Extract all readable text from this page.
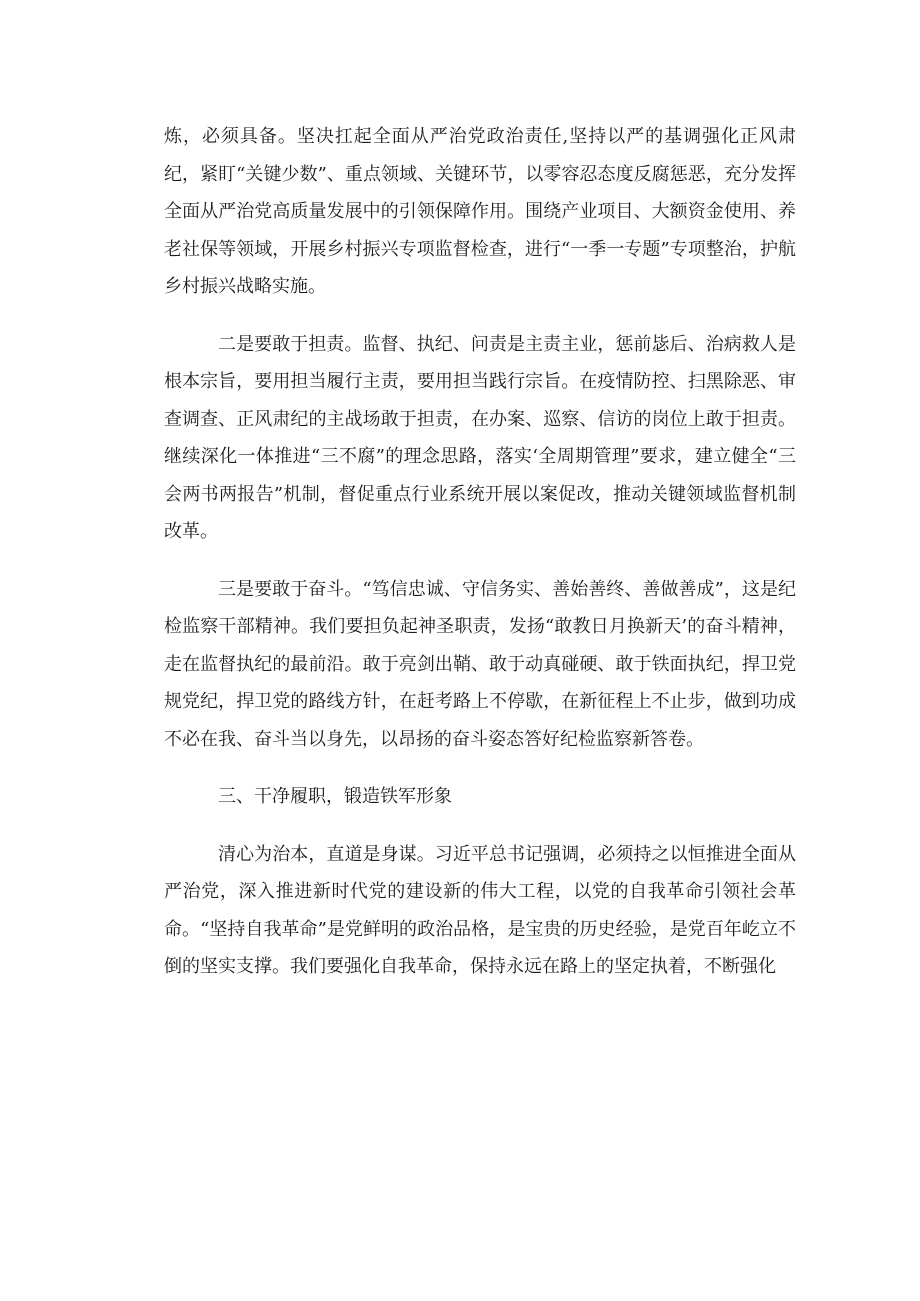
炼，必须具备。坚决扛起全面从严治党政治责任,坚持以严的基调强化正风肃纪，紧盯“关键少数”、重点领域、关键环节，以零容忍态度反腐惩恶，充分发挥全面从严治党高质量发展中的引领保障作用。围绕产业项目、大额资金使用、养老社保等领域，开展乡村振兴专项监督检查，进行“一季一专题”专项整治，护航乡村振兴战略实施。

二是要敢于担责。监督、执纪、问责是主责主业，惩前毖后、治病救人是根本宗旨，要用担当履行主责，要用担当践行宗旨。在疫情防控、扫黑除恶、审查调查、正风肃纪的主战场敢于担责，在办案、巡察、信访的岗位上敢于担责。继续深化一体推进“三不腐”的理念思路，落实‘全周期管理”要求，建立健全“三会两书两报告”机制，督促重点行业系统开展以案促改，推动关键领域监督机制改革。

三是要敢于奋斗。“笃信忠诚、守信务实、善始善终、善做善成”，这是纪检监察干部精神。我们要担负起神圣职责，发扬“敢教日月换新天’的奋斗精神，走在监督执纪的最前沿。敢于亮剑出鞘、敢于动真碰硬、敢于铁面执纪，捍卫党规党纪，捍卫党的路线方针，在赶考路上不停歇，在新征程上不止步，做到功成不必在我、奋斗当以身先，以昂扬的奋斗姿态答好纪检监察新答卷。

三、干净履职，锻造铁军形象

清心为治本，直道是身谋。习近平总书记强调，必须持之以恒推进全面从严治党，深入推进新时代党的建设新的伟大工程，以党的自我革命引领社会革命。“坚持自我革命”是党鲜明的政治品格，是宝贵的历史经验，是党百年屹立不倒的坚实支撑。我们要强化自我革命，保持永远在路上的坚定执着，不断强化
